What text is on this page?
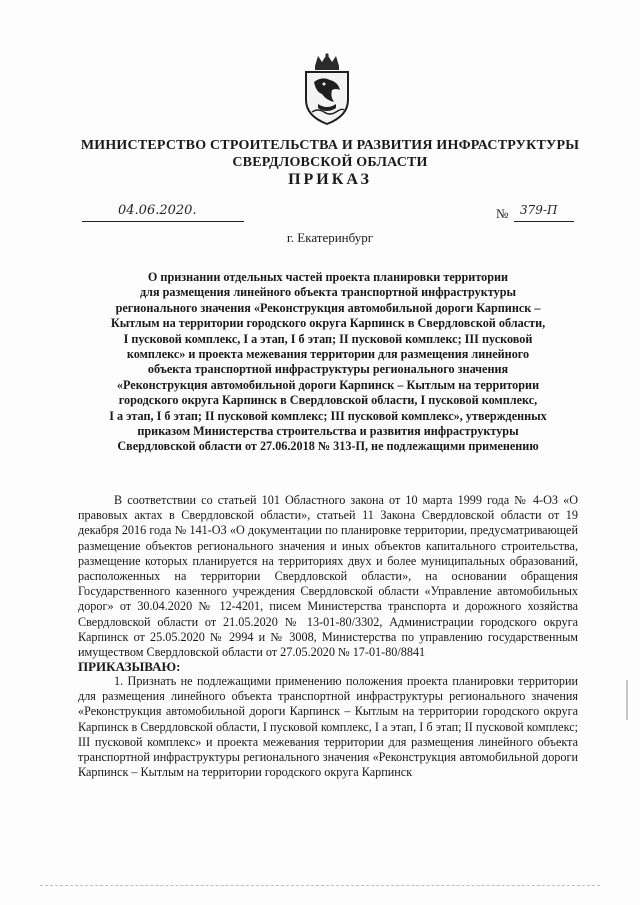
МИНИСТЕРСТВО СТРОИТЕЛЬСТВА И РАЗВИТИЯ ИНФРАСТРУКТУРЫ
СВЕРДЛОВСКОЙ ОБЛАСТИ
ПРИКАЗ
04.06.2020.	№ 379-П
г. Екатеринбург
О признании отдельных частей проекта планировки территории
для размещения линейного объекта транспортной инфраструктуры
регионального значения «Реконструкция автомобильной дороги Карпинск –
Кытлым на территории городского округа Карпинск в Свердловской области,
I пусковой комплекс, I а этап, I б этап; II пусковой комплекс; III пусковой
комплекс» и проекта межевания территории для размещения линейного
объекта транспортной инфраструктуры регионального значения
«Реконструкция автомобильной дороги Карпинск – Кытлым на территории
городского округа Карпинск в Свердловской области, I пусковой комплекс,
I а этап, I б этап; II пусковой комплекс; III пусковой комплекс», утвержденных
приказом Министерства строительства и развития инфраструктуры
Свердловской области от 27.06.2018 № 313-П, не подлежащими применению

В соответствии со статьей 101 Областного закона от 10 марта 1999 года № 4-ОЗ «О правовых актах в Свердловской области», статьей 11 Закона Свердловской области от 19 декабря 2016 года № 141-ОЗ «О документации по планировке территории, предусматривающей размещение объектов регионального значения и иных объектов капитального строительства, размещение которых планируется на территориях двух и более муниципальных образований, расположенных на территории Свердловской области», на основании обращения Государственного казенного учреждения Свердловской области «Управление автомобильных дорог» от 30.04.2020 № 12-4201, писем Министерства транспорта и дорожного хозяйства Свердловской области от 21.05.2020 № 13-01-80/3302, Администрации городского округа Карпинск от 25.05.2020 № 2994 и № 3008, Министерства по управлению государственным имуществом Свердловской области от 27.05.2020 № 17-01-80/8841

ПРИКАЗЫВАЮ:

1. Признать не подлежащими применению положения проекта планировки территории для размещения линейного объекта транспортной инфраструктуры регионального значения «Реконструкция автомобильной дороги Карпинск – Кытлым на территории городского округа Карпинск в Свердловской области, I пусковой комплекс, I а этап, I б этап; II пусковой комплекс; III пусковой комплекс» и проекта межевания территории для размещения линейного объекта транспортной инфраструктуры регионального значения «Реконструкция автомобильной дороги Карпинск – Кытлым на территории городского округа Карпинск
